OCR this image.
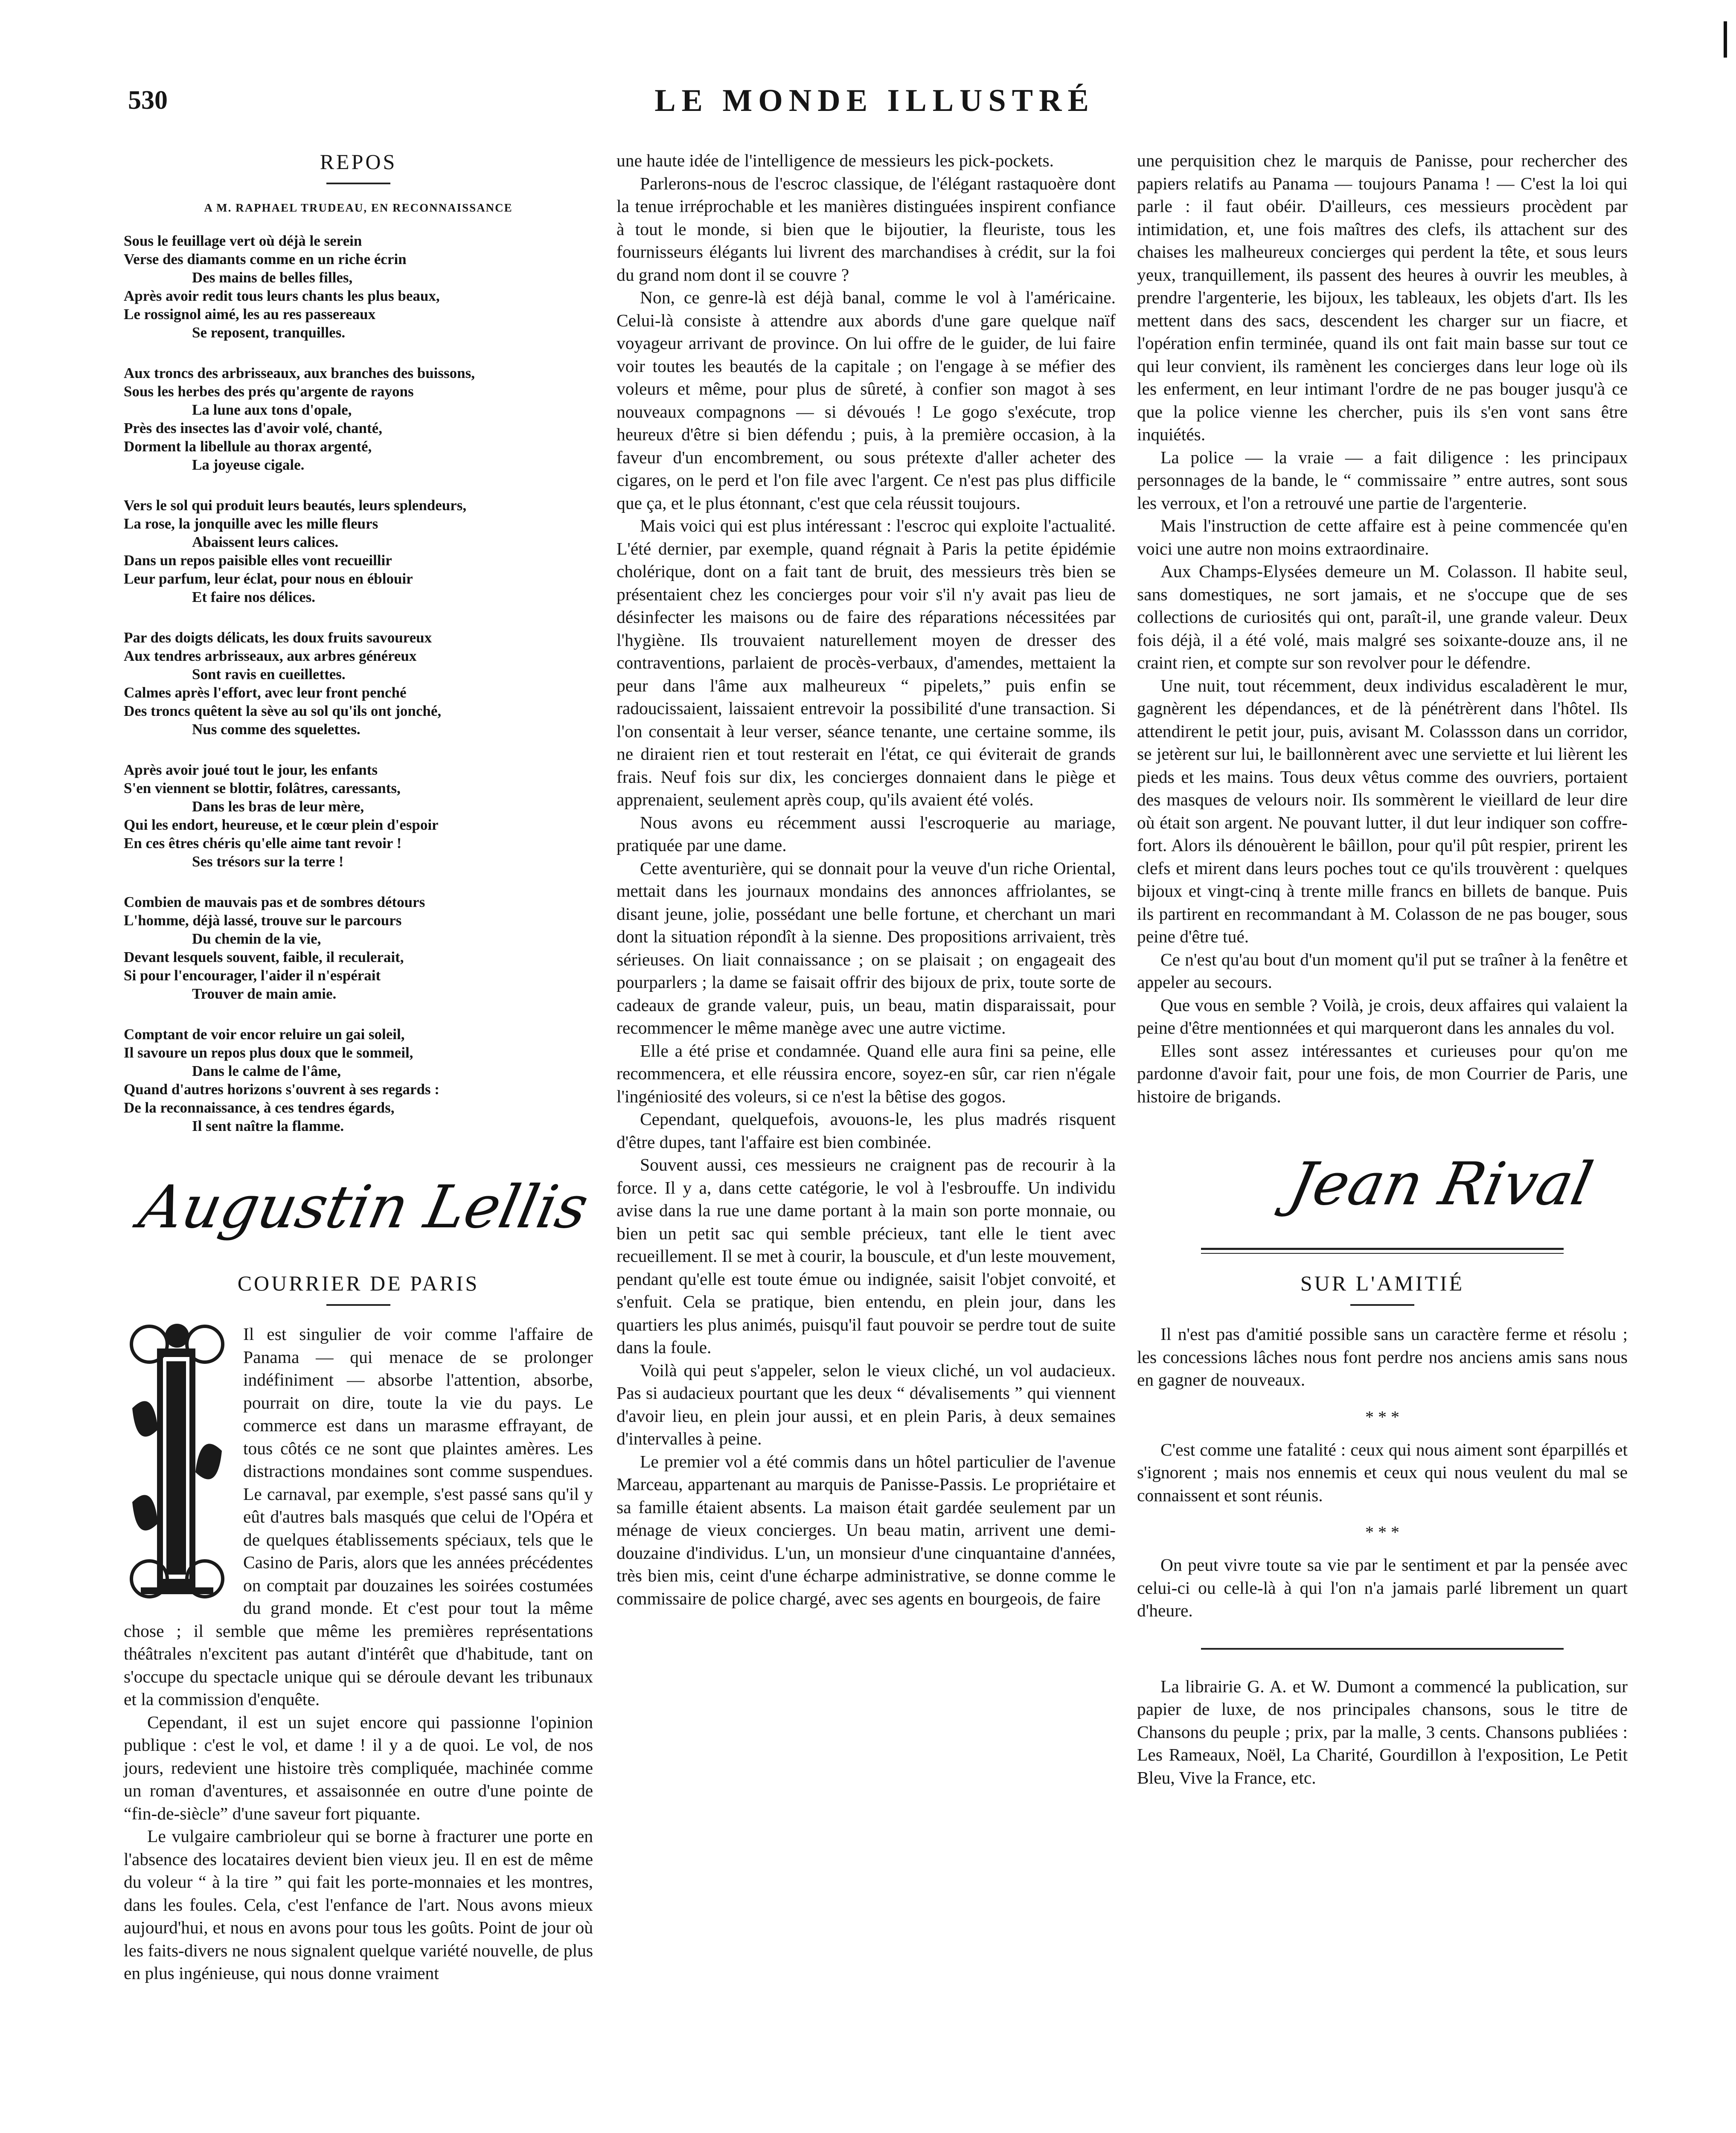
530	LE MONDE ILLUSTRÉ
REPOS
A M. RAPHAEL TRUDEAU, EN RECONNAISSANCE
Sous le feuillage vert où déjà le serein
Verse des diamants comme en un riche écrin
Des mains de belles filles,
Après avoir redit tous leurs chants les plus beaux,
Le rossignol aimé, les au res passereaux
Se reposent, tranquilles.
Aux troncs des arbrisseaux, aux branches des buissons,
Sous les herbes des prés qu'argente de rayons
La lune aux tons d'opale,
Près des insectes las d'avoir volé, chanté,
Dorment la libellule au thorax argenté,
La joyeuse cigale.
Vers le sol qui produit leurs beautés, leurs splendeurs,
La rose, la jonquille avec les mille fleurs
Abaissent leurs calices.
Dans un repos paisible elles vont recueillir
Leur parfum, leur éclat, pour nous en éblouir
Et faire nos délices.
Par des doigts délicats, les doux fruits savoureux
Aux tendres arbrisseaux, aux arbres généreux
Sont ravis en cueillettes.
Calmes après l'effort, avec leur front penché
Des troncs quêtent la sève au sol qu'ils ont jonché,
Nus comme des squelettes.
Après avoir joué tout le jour, les enfants
S'en viennent se blottir, folâtres, caressants,
Dans les bras de leur mère,
Qui les endort, heureuse, et le cœur plein d'espoir
En ces êtres chéris qu'elle aime tant revoir !
Ses trésors sur la terre !
Combien de mauvais pas et de sombres détours
L'homme, déjà lassé, trouve sur le parcours
Du chemin de la vie,
Devant lesquels souvent, faible, il reculerait,
Si pour l'encourager, l'aider il n'espérait
Trouver de main amie.
Comptant de voir encor reluire un gai soleil,
Il savoure un repos plus doux que le sommeil,
Dans le calme de l'âme,
Quand d'autres horizons s'ouvrent à ses regards :
De la reconnaissance, à ces tendres égards,
Il sent naître la flamme.
Augustin Lellis
COURRIER DE PARIS

Il est singulier de voir comme l'affaire de Panama — qui menace de se prolonger indéfiniment — absorbe l'attention, absorbe, pourrait on dire, toute la vie du pays. Le commerce est dans un marasme effrayant, de tous côtés ce ne sont que plaintes amères. Les distractions mondaines sont comme suspendues. Le carnaval, par exemple, s'est passé sans qu'il y eût d'autres bals masqués que celui de l'Opéra et de quelques établissements spéciaux, tels que le Casino de Paris, alors que les années précédentes on comptait par douzaines les soirées costumées du grand monde. Et c'est pour tout la même chose ; il semble que même les premières représentations théâtrales n'excitent pas autant d'intérêt que d'habitude, tant on s'occupe du spectacle unique qui se déroule devant les tribunaux et la commission d'enquête.

Cependant, il est un sujet encore qui passionne l'opinion publique : c'est le vol, et dame ! il y a de quoi. Le vol, de nos jours, redevient une histoire très compliquée, machinée comme un roman d'aventures, et assaisonnée en outre d'une pointe de “fin-de-siècle” d'une saveur fort piquante.

Le vulgaire cambrioleur qui se borne à fracturer une porte en l'absence des locataires devient bien vieux jeu. Il en est de même du voleur “ à la tire ” qui fait les porte-monnaies et les montres, dans les foules. Cela, c'est l'enfance de l'art. Nous avons mieux aujourd'hui, et nous en avons pour tous les goûts. Point de jour où les faits-divers ne nous signalent quelque variété nouvelle, de plus en plus ingénieuse, qui nous donne vraiment

une haute idée de l'intelligence de messieurs les pick-pockets.

Parlerons-nous de l'escroc classique, de l'élégant rastaquoère dont la tenue irréprochable et les manières distinguées inspirent confiance à tout le monde, si bien que le bijoutier, la fleuriste, tous les fournisseurs élégants lui livrent des marchandises à crédit, sur la foi du grand nom dont il se couvre ?

Non, ce genre-là est déjà banal, comme le vol à l'américaine. Celui-là consiste à attendre aux abords d'une gare quelque naïf voyageur arrivant de province. On lui offre de le guider, de lui faire voir toutes les beautés de la capitale ; on l'engage à se méfier des voleurs et même, pour plus de sûreté, à confier son magot à ses nouveaux compagnons — si dévoués ! Le gogo s'exécute, trop heureux d'être si bien défendu ; puis, à la première occasion, à la faveur d'un encombrement, ou sous prétexte d'aller acheter des cigares, on le perd et l'on file avec l'argent. Ce n'est pas plus difficile que ça, et le plus étonnant, c'est que cela réussit toujours.

Mais voici qui est plus intéressant : l'escroc qui exploite l'actualité. L'été dernier, par exemple, quand régnait à Paris la petite épidémie cholérique, dont on a fait tant de bruit, des messieurs très bien se présentaient chez les concierges pour voir s'il n'y avait pas lieu de désinfecter les maisons ou de faire des réparations nécessitées par l'hygiène. Ils trouvaient naturellement moyen de dresser des contraventions, parlaient de procès-verbaux, d'amendes, mettaient la peur dans l'âme aux malheureux “ pipelets,” puis enfin se radoucissaient, laissaient entrevoir la possibilité d'une transaction. Si l'on consentait à leur verser, séance tenante, une certaine somme, ils ne diraient rien et tout resterait en l'état, ce qui éviterait de grands frais. Neuf fois sur dix, les concierges donnaient dans le piège et apprenaient, seulement après coup, qu'ils avaient été volés.

Nous avons eu récemment aussi l'escroquerie au mariage, pratiquée par une dame.

Cette aventurière, qui se donnait pour la veuve d'un riche Oriental, mettait dans les journaux mondains des annonces affriolantes, se disant jeune, jolie, possédant une belle fortune, et cherchant un mari dont la situation répondît à la sienne. Des propositions arrivaient, très sérieuses. On liait connaissance ; on se plaisait ; on engageait des pourparlers ; la dame se faisait offrir des bijoux de prix, toute sorte de cadeaux de grande valeur, puis, un beau, matin disparaissait, pour recommencer le même manège avec une autre victime.

Elle a été prise et condamnée. Quand elle aura fini sa peine, elle recommencera, et elle réussira encore, soyez-en sûr, car rien n'égale l'ingéniosité des voleurs, si ce n'est la bêtise des gogos.

Cependant, quelquefois, avouons-le, les plus madrés risquent d'être dupes, tant l'affaire est bien combinée.

Souvent aussi, ces messieurs ne craignent pas de recourir à la force. Il y a, dans cette catégorie, le vol à l'esbrouffe. Un individu avise dans la rue une dame portant à la main son porte monnaie, ou bien un petit sac qui semble précieux, tant elle le tient avec recueillement. Il se met à courir, la bouscule, et d'un leste mouvement, pendant qu'elle est toute émue ou indignée, saisit l'objet convoité, et s'enfuit. Cela se pratique, bien entendu, en plein jour, dans les quartiers les plus animés, puisqu'il faut pouvoir se perdre tout de suite dans la foule.

Voilà qui peut s'appeler, selon le vieux cliché, un vol audacieux. Pas si audacieux pourtant que les deux “ dévalisements ” qui viennent d'avoir lieu, en plein jour aussi, et en plein Paris, à deux semaines d'intervalles à peine.

Le premier vol a été commis dans un hôtel particulier de l'avenue Marceau, appartenant au marquis de Panisse-Passis. Le propriétaire et sa famille étaient absents. La maison était gardée seulement par un ménage de vieux concierges. Un beau matin, arrivent une demi-douzaine d'individus. L'un, un monsieur d'une cinquantaine d'années, très bien mis, ceint d'une écharpe administrative, se donne comme le commissaire de police chargé, avec ses agents en bourgeois, de faire

une perquisition chez le marquis de Panisse, pour rechercher des papiers relatifs au Panama — toujours Panama ! — C'est la loi qui parle : il faut obéir. D'ailleurs, ces messieurs procèdent par intimidation, et, une fois maîtres des clefs, ils attachent sur des chaises les malheureux concierges qui perdent la tête, et sous leurs yeux, tranquillement, ils passent des heures à ouvrir les meubles, à prendre l'argenterie, les bijoux, les tableaux, les objets d'art. Ils les mettent dans des sacs, descendent les charger sur un fiacre, et l'opération enfin terminée, quand ils ont fait main basse sur tout ce qui leur convient, ils ramènent les concierges dans leur loge où ils les enferment, en leur intimant l'ordre de ne pas bouger jusqu'à ce que la police vienne les chercher, puis ils s'en vont sans être inquiétés.

La police — la vraie — a fait diligence : les principaux personnages de la bande, le “ commissaire ” entre autres, sont sous les verroux, et l'on a retrouvé une partie de l'argenterie.

Mais l'instruction de cette affaire est à peine commencée qu'en voici une autre non moins extraordinaire.

Aux Champs-Elysées demeure un M. Colasson. Il habite seul, sans domestiques, ne sort jamais, et ne s'occupe que de ses collections de curiosités qui ont, paraît-il, une grande valeur. Deux fois déjà, il a été volé, mais malgré ses soixante-douze ans, il ne craint rien, et compte sur son revolver pour le défendre.

Une nuit, tout récemment, deux individus escaladèrent le mur, gagnèrent les dépendances, et de là pénétrèrent dans l'hôtel. Ils attendirent le petit jour, puis, avisant M. Colassson dans un corridor, se jetèrent sur lui, le baillonnèrent avec une serviette et lui lièrent les pieds et les mains. Tous deux vêtus comme des ouvriers, portaient des masques de velours noir. Ils sommèrent le vieillard de leur dire où était son argent. Ne pouvant lutter, il dut leur indiquer son coffre-fort. Alors ils dénouèrent le bâillon, pour qu'il pût respier, prirent les clefs et mirent dans leurs poches tout ce qu'ils trouvèrent : quelques bijoux et vingt-cinq à trente mille francs en billets de banque. Puis ils partirent en recommandant à M. Colasson de ne pas bouger, sous peine d'être tué.

Ce n'est qu'au bout d'un moment qu'il put se traîner à la fenêtre et appeler au secours.

Que vous en semble ? Voilà, je crois, deux affaires qui valaient la peine d'être mentionnées et qui marqueront dans les annales du vol.

Elles sont assez intéressantes et curieuses pour qu'on me pardonne d'avoir fait, pour une fois, de mon Courrier de Paris, une histoire de brigands.

Jean Rival
SUR L'AMITIÉ

Il n'est pas d'amitié possible sans un caractère ferme et résolu ; les concessions lâches nous font perdre nos anciens amis sans nous en gagner de nouveaux.

* * *

C'est comme une fatalité : ceux qui nous aiment sont éparpillés et s'ignorent ; mais nos ennemis et ceux qui nous veulent du mal se connaissent et sont réunis.

* * *

On peut vivre toute sa vie par le sentiment et par la pensée avec celui-ci ou celle-là à qui l'on n'a jamais parlé librement un quart d'heure.

La librairie G. A. et W. Dumont a commencé la publication, sur papier de luxe, de nos principales chansons, sous le titre de Chansons du peuple ; prix, par la malle, 3 cents. Chansons publiées : Les Rameaux, Noël, La Charité, Gourdillon à l'exposition, Le Petit Bleu, Vive la France, etc.
